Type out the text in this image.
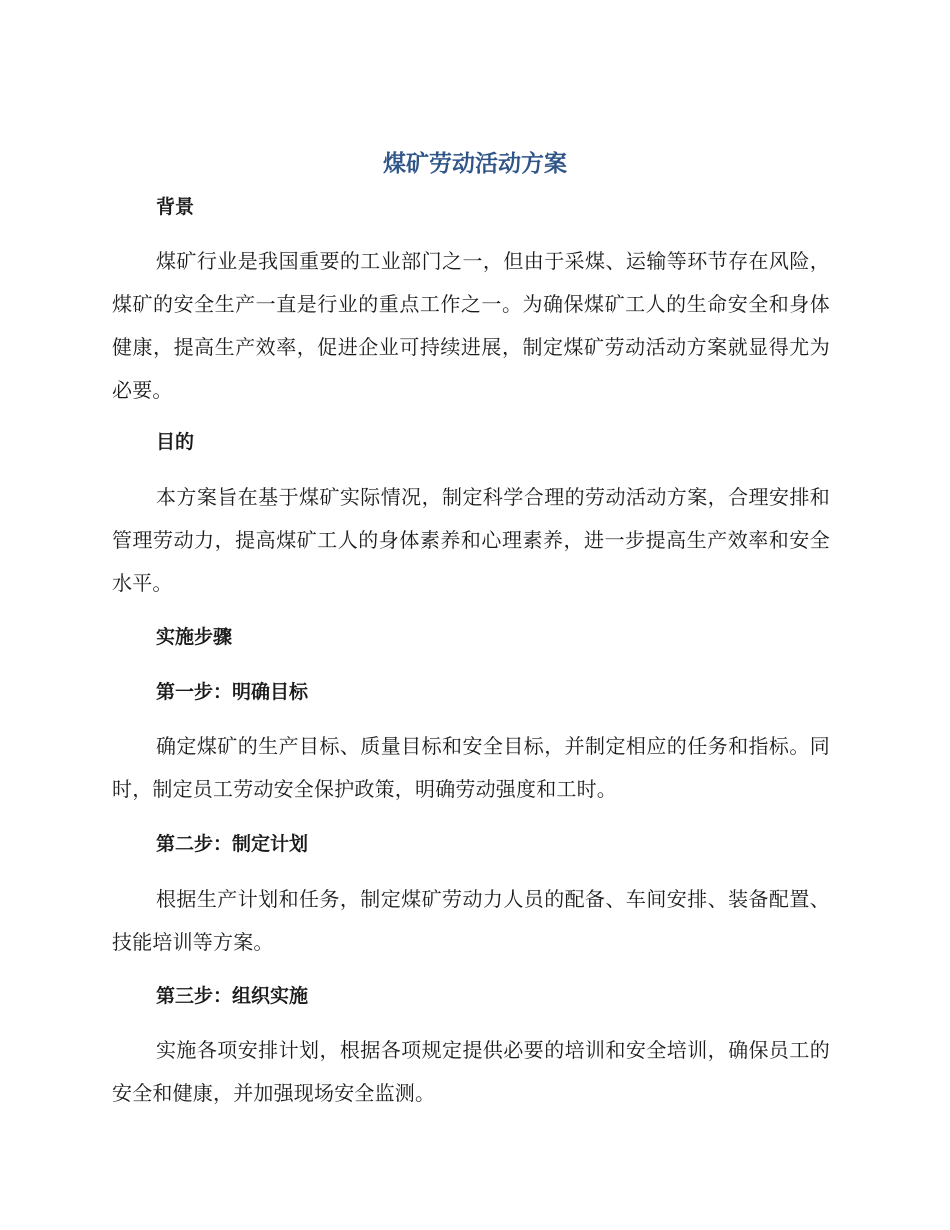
煤矿劳动活动方案
背景
煤矿行业是我国重要的工业部门之一，但由于采煤、运输等环节存在风险，煤矿的安全生产一直是行业的重点工作之一。为确保煤矿工人的生命安全和身体健康，提高生产效率，促进企业可持续进展，制定煤矿劳动活动方案就显得尤为必要。
目的
本方案旨在基于煤矿实际情况，制定科学合理的劳动活动方案，合理安排和管理劳动力，提高煤矿工人的身体素养和心理素养，进一步提高生产效率和安全水平。
实施步骤
第一步：明确目标
确定煤矿的生产目标、质量目标和安全目标，并制定相应的任务和指标。同时，制定员工劳动安全保护政策，明确劳动强度和工时。
第二步：制定计划
根据生产计划和任务，制定煤矿劳动力人员的配备、车间安排、装备配置、技能培训等方案。
第三步：组织实施
实施各项安排计划，根据各项规定提供必要的培训和安全培训，确保员工的安全和健康，并加强现场安全监测。
